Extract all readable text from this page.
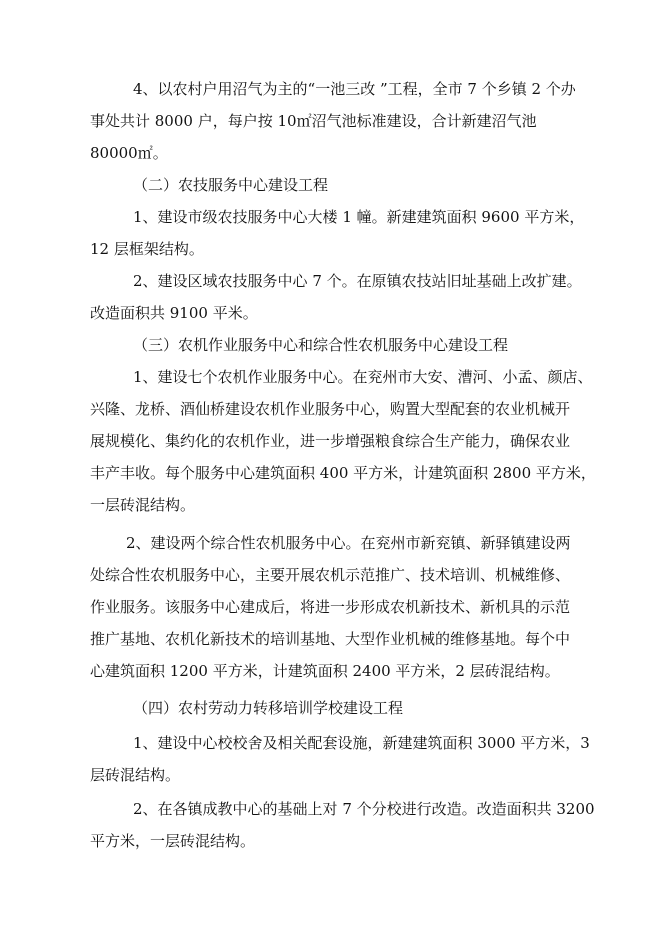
4、以农村户用沼气为主的“一池三改 ”工程，全市 7 个乡镇 2 个办
事处共计 8000 户，每户按 10㎡沼气池标准建设，合计新建沼气池
80000㎡。
（二）农技服务中心建设工程
1、建设市级农技服务中心大楼 1 幢。新建建筑面积 9600 平方米，
12 层框架结构。
2、建设区域农技服务中心 7 个。在原镇农技站旧址基础上改扩建。
改造面积共 9100 平米。
（三）农机作业服务中心和综合性农机服务中心建设工程
1、建设七个农机作业服务中心。在兖州市大安、漕河、小孟、颜店、
兴隆、龙桥、酒仙桥建设农机作业服务中心，购置大型配套的农业机械开
展规模化、集约化的农机作业，进一步增强粮食综合生产能力，确保农业
丰产丰收。每个服务中心建筑面积 400 平方米，计建筑面积 2800 平方米，
一层砖混结构。
2、建设两个综合性农机服务中心。在兖州市新兖镇、新驿镇建设两
处综合性农机服务中心，主要开展农机示范推广、技术培训、机械维修、
作业服务。该服务中心建成后，将进一步形成农机新技术、新机具的示范
推广基地、农机化新技术的培训基地、大型作业机械的维修基地。每个中
心建筑面积 1200 平方米，计建筑面积 2400 平方米，2 层砖混结构。
（四）农村劳动力转移培训学校建设工程
1、建设中心校校舍及相关配套设施，新建建筑面积 3000 平方米，3
层砖混结构。
2、在各镇成教中心的基础上对 7 个分校进行改造。改造面积共 3200
平方米，一层砖混结构。
